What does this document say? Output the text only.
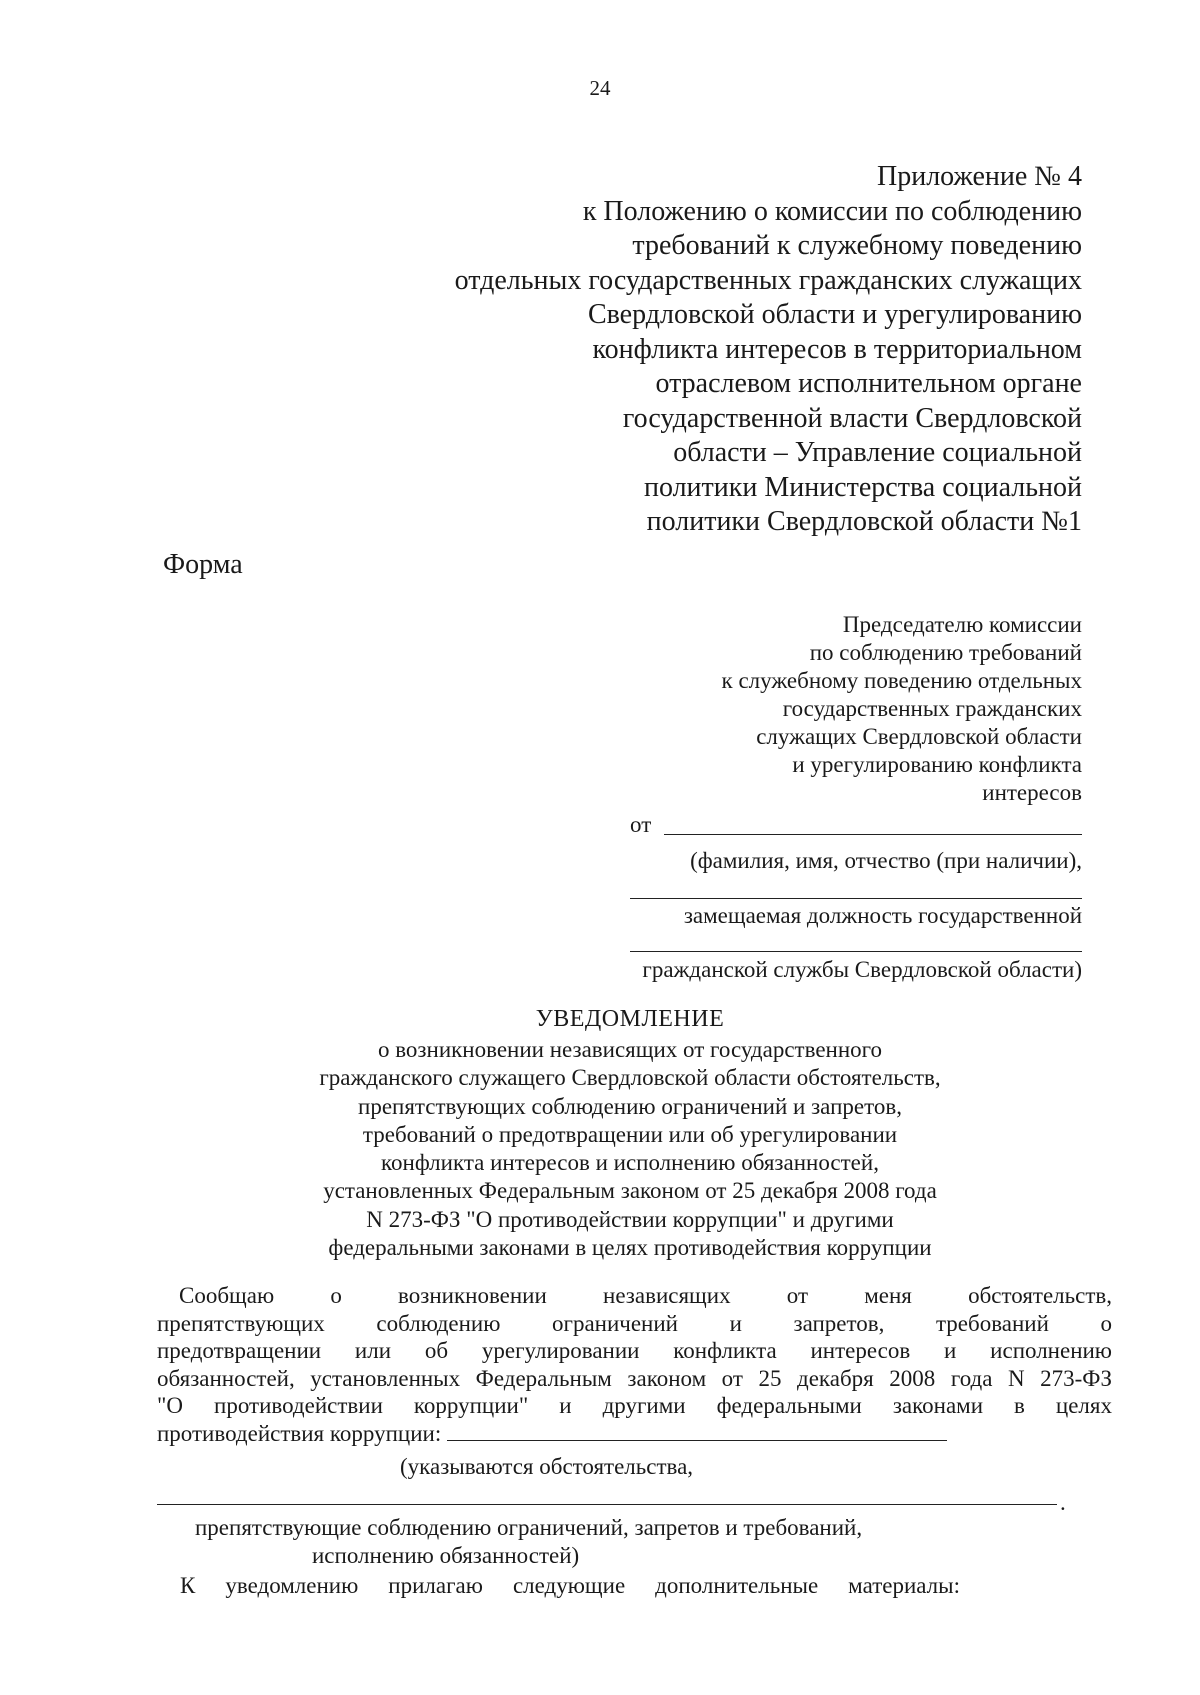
24
Приложение № 4
к Положению о комиссии по соблюдению
требований к служебному поведению
отдельных государственных гражданских служащих
Свердловской области и урегулированию
конфликта интересов в территориальном
отраслевом исполнительном органе
государственной власти Свердловской
области – Управление социальной
политики Министерства социальной
политики Свердловской области №1
Форма
Председателю комиссии
по соблюдению требований
к служебному поведению отдельных
государственных гражданских
служащих Свердловской области
и урегулированию конфликта
интересов
от
(фамилия, имя, отчество (при наличии),
замещаемая должность государственной
гражданской службы Свердловской области)
УВЕДОМЛЕНИЕ
о возникновении независящих от государственного
гражданского служащего Свердловской области обстоятельств,
препятствующих соблюдению ограничений и запретов,
требований о предотвращении или об урегулировании
конфликта интересов и исполнению обязанностей,
установленных Федеральным законом от 25 декабря 2008 года
N 273-ФЗ "О противодействии коррупции" и другими
федеральными законами в целях противодействия коррупции
Сообщаю о возникновении независящих от меня обстоятельств,
препятствующих соблюдению ограничений и запретов, требований о
предотвращении или об урегулировании конфликта интересов и исполнению
обязанностей, установленных Федеральным законом от 25 декабря 2008 года N 273-ФЗ
"О противодействии коррупции" и другими федеральными законами в целях
противодействия коррупции:
(указываются обстоятельства,
.
препятствующие соблюдению ограничений, запретов и требований,
исполнению обязанностей)
К уведомлению прилагаю следующие дополнительные материалы:
